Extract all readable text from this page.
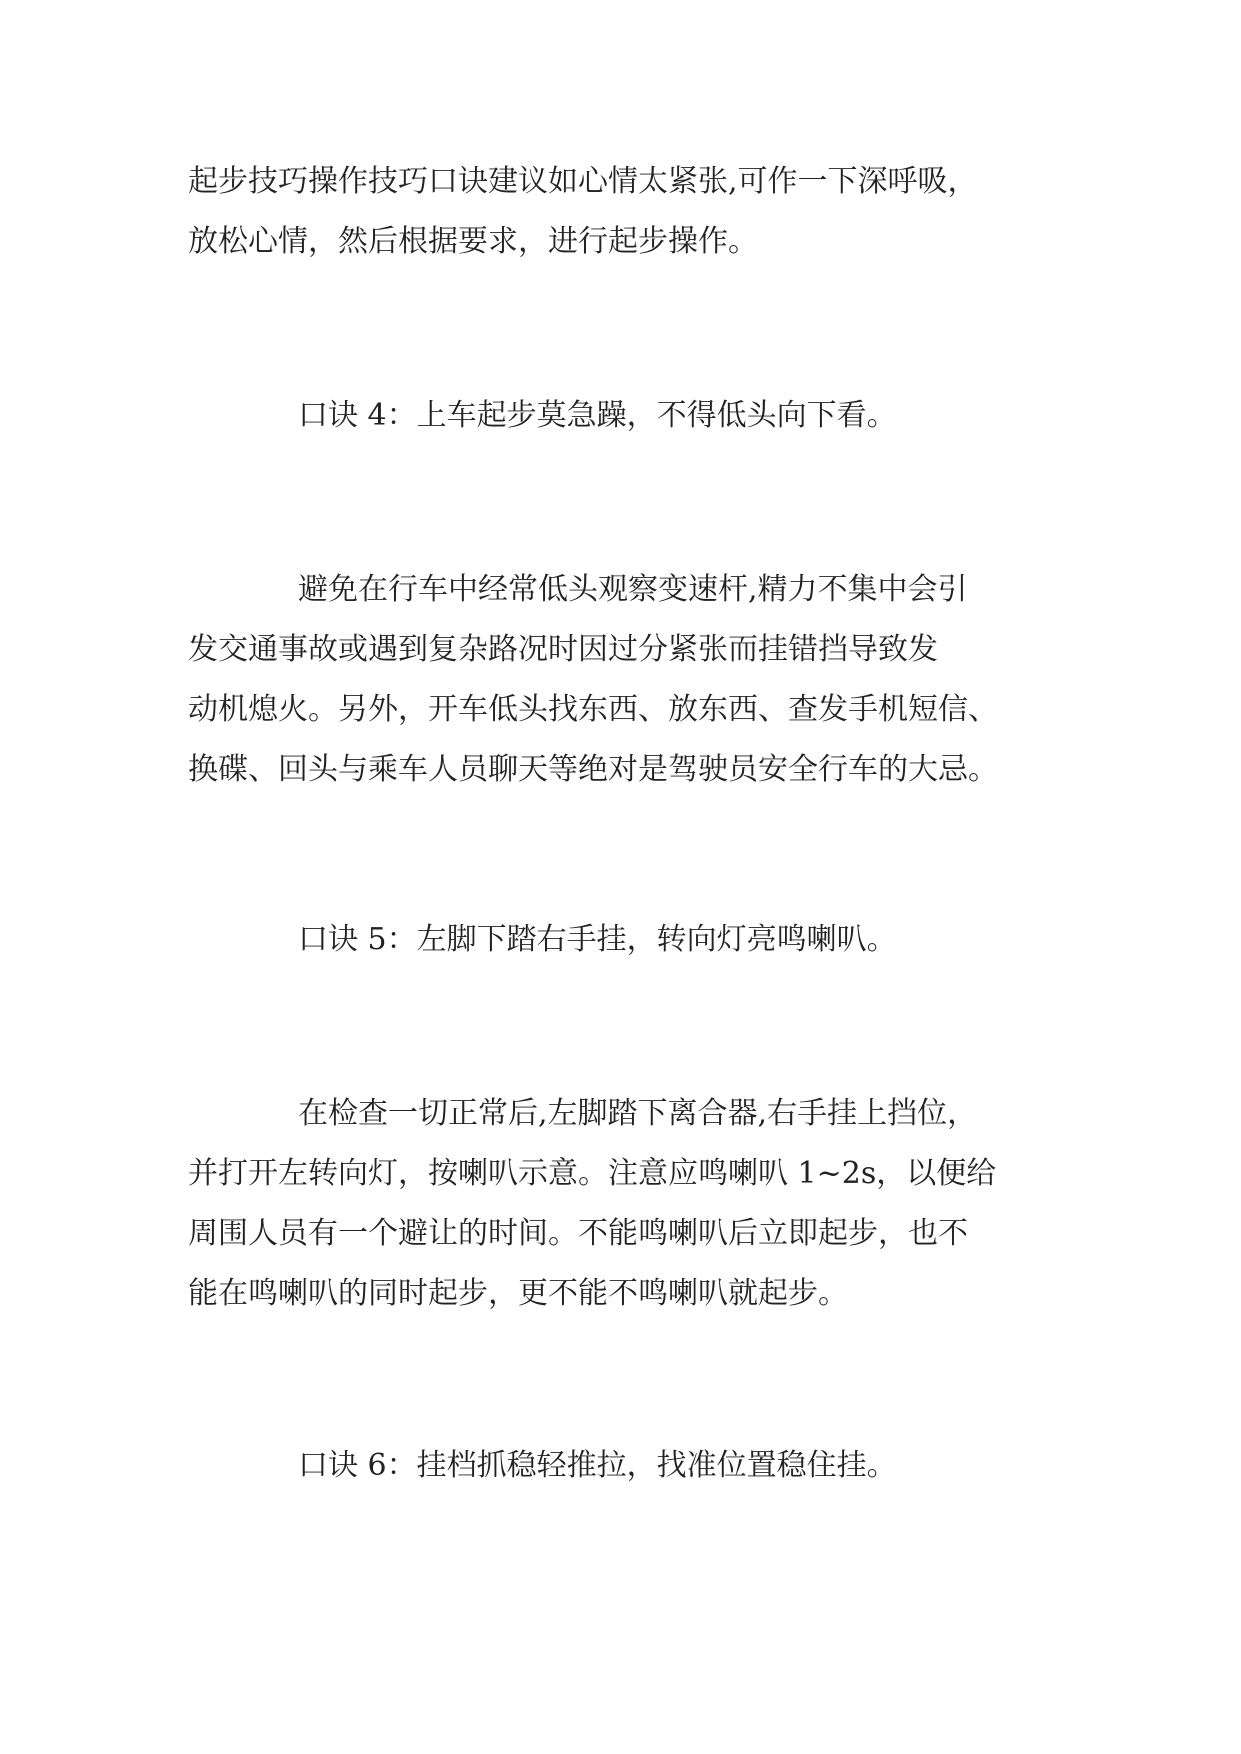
起步技巧操作技巧口诀建议如心情太紧张,可作一下深呼吸，
放松心情，然后根据要求，进行起步操作。
口诀 4：上车起步莫急躁，不得低头向下看。
避免在行车中经常低头观察变速杆,精力不集中会引
发交通事故或遇到复杂路况时因过分紧张而挂错挡导致发
动机熄火。另外，开车低头找东西、放东西、查发手机短信、
换碟、回头与乘车人员聊天等绝对是驾驶员安全行车的大忌。
口诀 5：左脚下踏右手挂，转向灯亮鸣喇叭。
在检查一切正常后,左脚踏下离合器,右手挂上挡位，
并打开左转向灯，按喇叭示意。注意应鸣喇叭 1~2s，以便给
周围人员有一个避让的时间。不能鸣喇叭后立即起步，也不
能在鸣喇叭的同时起步，更不能不鸣喇叭就起步。
口诀 6：挂档抓稳轻推拉，找准位置稳住挂。
